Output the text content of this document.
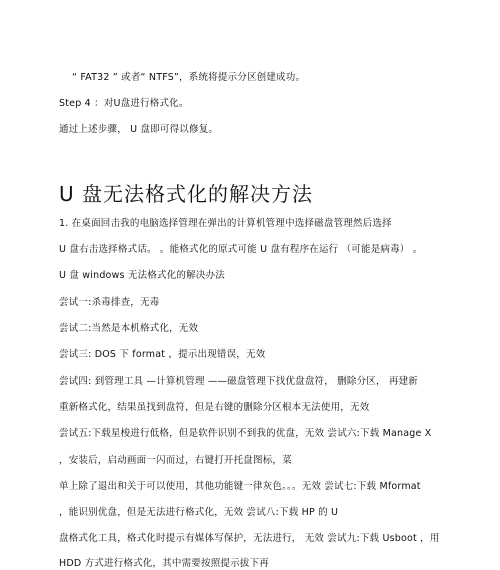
“ FAT32 ” 或者“ NTFS”，系统将提示分区创建成功。
Step 4 ：对U盘进行格式化。
通过上述步骤， U 盘即可得以修复。
U 盘无法格式化的解决方法
1. 在桌面回击我的电脑选择管理在弹出的计算机管理中选择磁盘管理然后选择
U 盘右击选择格式话。 。能格式化的原式可能 U 盘有程序在运行 （可能是病毒） 。
U 盘 windows 无法格式化的解决办法
尝试一:杀毒排查，无毒
尝试二:当然是本机格式化，无效
尝试三: DOS 下 format ，提示出现错误，无效
尝试四: 到管理工具 —计算机管理 ——磁盘管理下找优盘盘符， 删除分区， 再建新
重新格式化，结果虽找到盘符，但是右键的删除分区根本无法使用，无效
尝试五:下载星梭进行低格，但是软件识别不到我的优盘，无效 尝试六:下载 Manage X
，安装后，启动画面一闪而过，右键打开托盘图标，菜
单上除了退出和关于可以使用，其他功能键一律灰色。。。无效 尝试七:下载 Mformat
，能识别优盘，但是无法进行格式化，无效 尝试八:下载 HP 的 U
盘格式化工具，格式化时提示有媒体写保护，无法进行， 无效 尝试九:下载 Usboot ，用
HDD 方式进行格式化，其中需要按照提示拔下再
